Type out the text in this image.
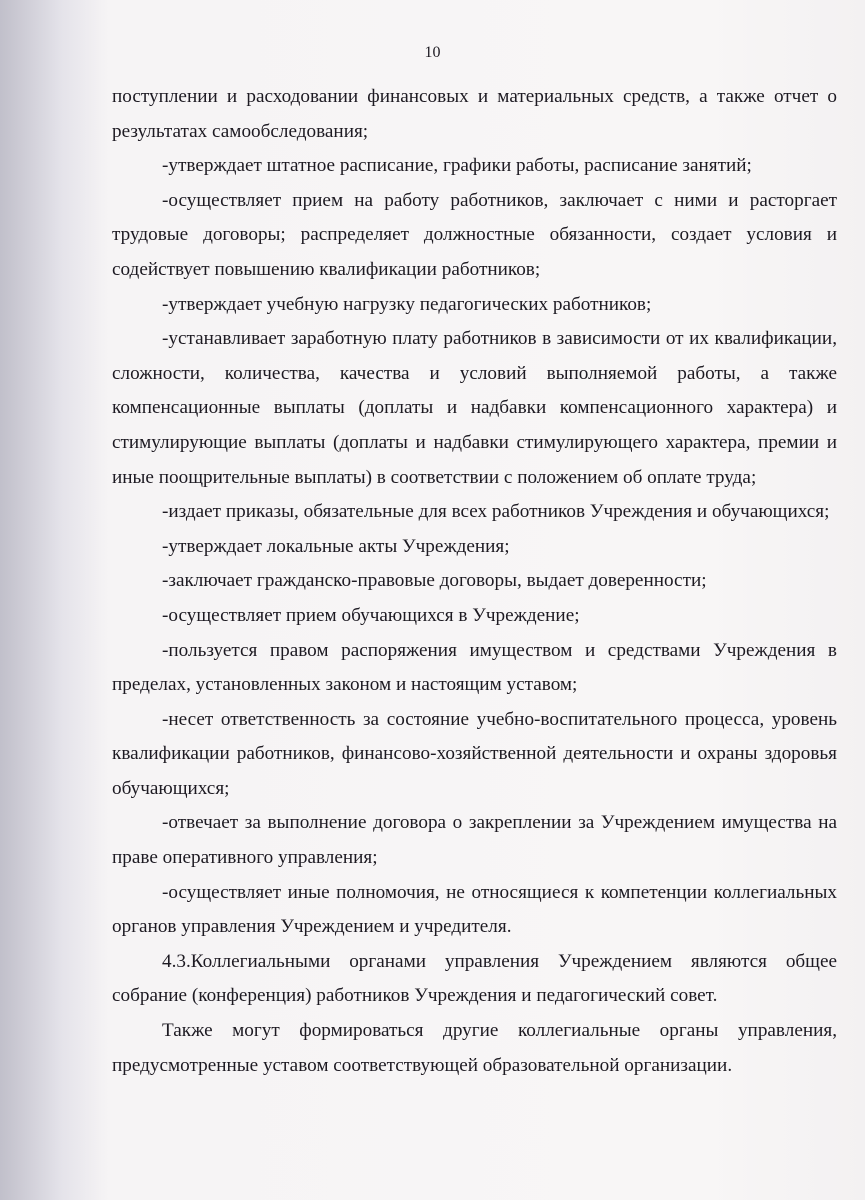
10

поступлении и расходовании финансовых и материальных средств, а также отчет о результатах самообследования;

-утверждает штатное расписание, графики работы, расписание занятий;

-осуществляет прием на работу работников, заключает с ними и расторгает трудовые договоры; распределяет должностные обязанности, создает условия и содействует повышению квалификации работников;

-утверждает учебную нагрузку педагогических работников;

-устанавливает заработную плату работников в зависимости от их квалификации, сложности, количества, качества и условий выполняемой работы, а также компенсационные выплаты (доплаты и надбавки компенсационного характера) и стимулирующие выплаты (доплаты и надбавки стимулирующего характера, премии и иные поощрительные выплаты) в соответствии с положением об оплате труда;

-издает приказы, обязательные для всех работников Учреждения и обучающихся;

-утверждает локальные акты Учреждения;

-заключает гражданско-правовые договоры, выдает доверенности;

-осуществляет прием обучающихся в Учреждение;

-пользуется правом распоряжения имуществом и средствами Учреждения в пределах, установленных законом и настоящим уставом;

-несет ответственность за состояние учебно-воспитательного процесса, уровень квалификации работников, финансово-хозяйственной деятельности и охраны здоровья обучающихся;

-отвечает за выполнение договора о закреплении за Учреждением имущества на праве оперативного управления;

-осуществляет иные полномочия, не относящиеся к компетенции коллегиальных органов управления Учреждением и учредителя.

4.3.Коллегиальными органами управления Учреждением являются общее собрание (конференция) работников Учреждения и педагогический совет.

Также могут формироваться другие коллегиальные органы управления, предусмотренные уставом соответствующей образовательной организации.
